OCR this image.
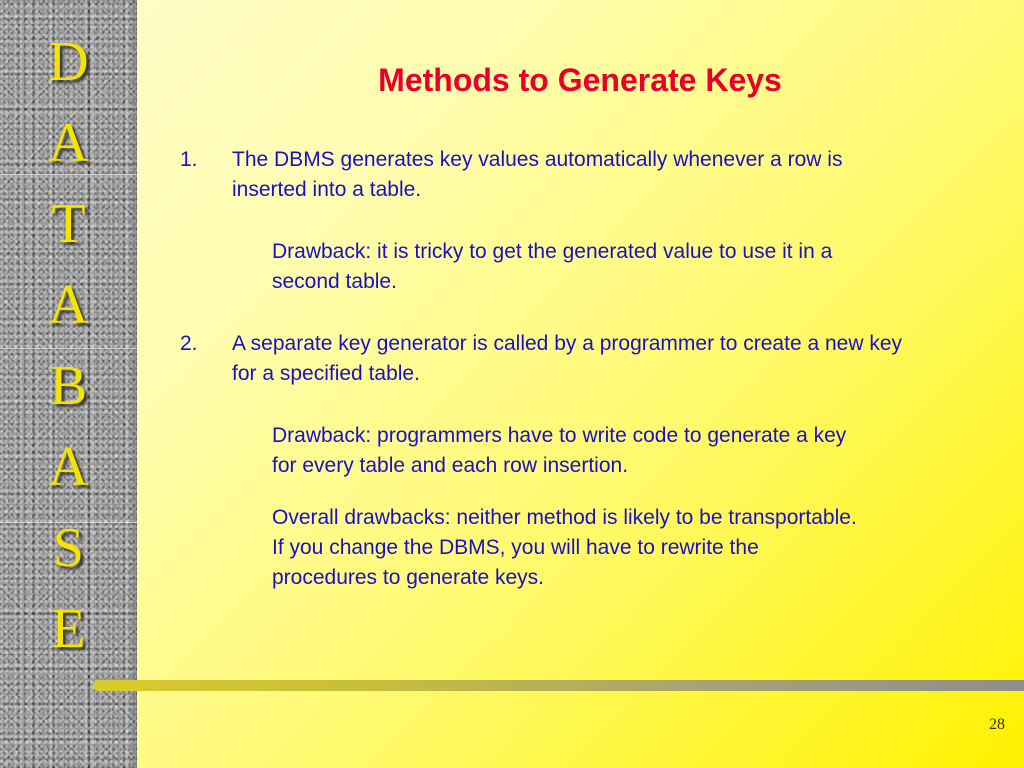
D
A
T
A
B
A
S
E
Methods to Generate Keys
1. The DBMS generates key values automatically whenever a row is inserted into a table.

Drawback: it is tricky to get the generated value to use it in a second table.

2. A separate key generator is called by a programmer to create a new key for a specified table.

Drawback: programmers have to write code to generate a key for every table and each row insertion.

Overall drawbacks: neither method is likely to be transportable. If you change the DBMS, you will have to rewrite the procedures to generate keys.

28
